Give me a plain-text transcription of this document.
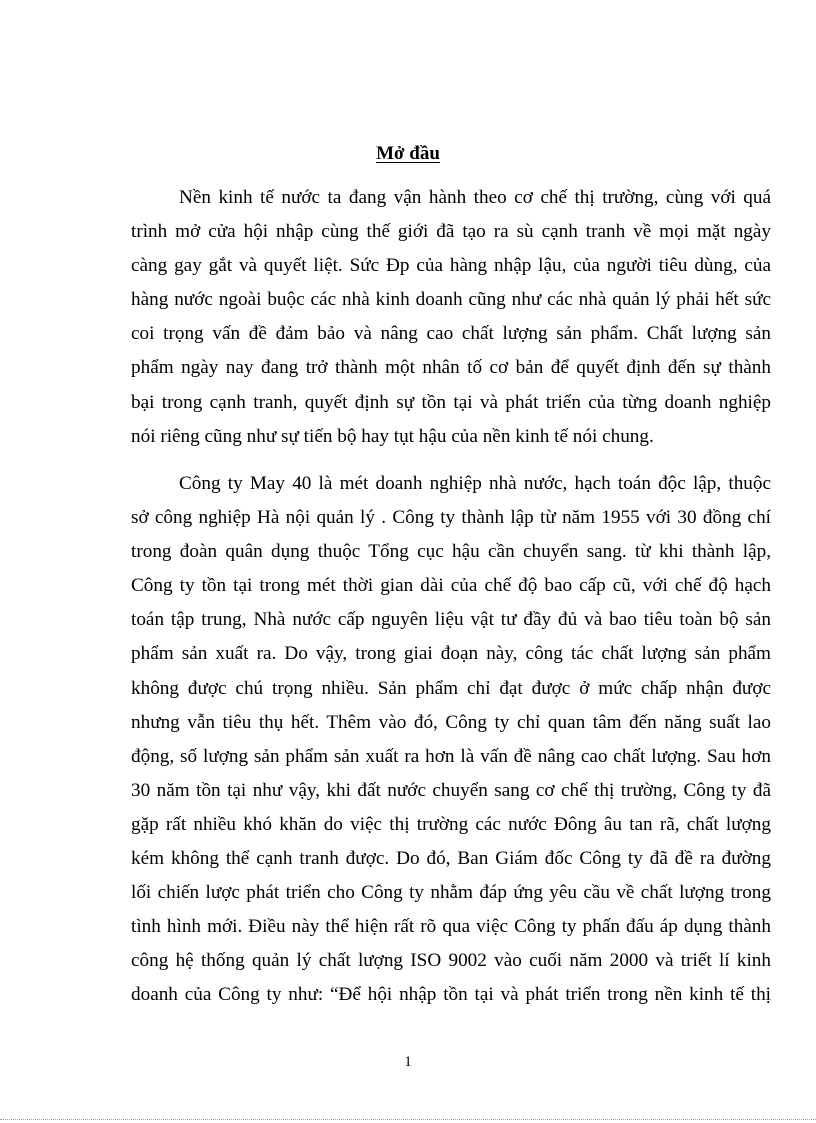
Mở đầu

Nền kinh tế nước ta đang vận hành theo cơ chế thị trường, cùng với quá
trình mở cửa hội nhập cùng thế giới đã tạo ra sù cạnh tranh về mọi mặt ngày
càng gay gắt và quyết liệt. Sức Ðp của hàng nhập lậu, của người tiêu dùng, của
hàng nước ngoài buộc các nhà kinh doanh cũng như các nhà quản lý phải hết sức
coi trọng vấn đề đảm bảo và nâng cao chất lượng sản phẩm. Chất lượng sản
phẩm ngày nay đang trở thành một nhân tố cơ bản để quyết định đến sự thành
bại trong cạnh tranh, quyết định sự tồn tại và phát triển của từng doanh nghiệp
nói riêng cũng như sự tiến bộ hay tụt hậu của nền kinh tế nói chung.

Công ty May 40 là mét doanh nghiệp nhà nước, hạch toán độc lập, thuộc
sở công nghiệp Hà nội quản lý . Công ty thành lập từ năm 1955 với 30 đồng chí
trong đoàn quân dụng thuộc Tổng cục hậu cần chuyển sang. từ khi thành lập,
Công ty tồn tại trong mét thời gian dài của chế độ bao cấp cũ, với chế độ hạch
toán tập trung, Nhà nước cấp nguyên liệu vật tư đầy đủ và bao tiêu toàn bộ sản
phẩm sản xuất ra. Do vậy, trong giai đoạn này, công tác chất lượng sản phẩm
không được chú trọng nhiều. Sản phẩm chỉ đạt được ở mức chấp nhận được
nhưng vẫn tiêu thụ hết. Thêm vào đó, Công ty chỉ quan tâm đến năng suất lao
động, số lượng sản phẩm sản xuất ra hơn là vấn đề nâng cao chất lượng. Sau hơn
30 năm tồn tại như vậy, khi đất nước chuyển sang cơ chế thị trường, Công ty đã
gặp rất nhiều khó khăn do việc thị trường các nước Đông âu tan rã, chất lượng
kém không thể cạnh tranh được. Do đó, Ban Giám đốc Công ty đã đề ra đường
lối chiến lược phát triển cho Công ty nhằm đáp ứng yêu cầu về chất lượng trong
tình hình mới. Điều này thể hiện rất rõ qua việc Công ty phấn đấu áp dụng thành
công hệ thống quản lý chất lượng ISO 9002 vào cuối năm 2000 và triết lí kinh
doanh của Công ty như: “Để hội nhập tồn tại và phát triển trong nền kinh tế thị

1
